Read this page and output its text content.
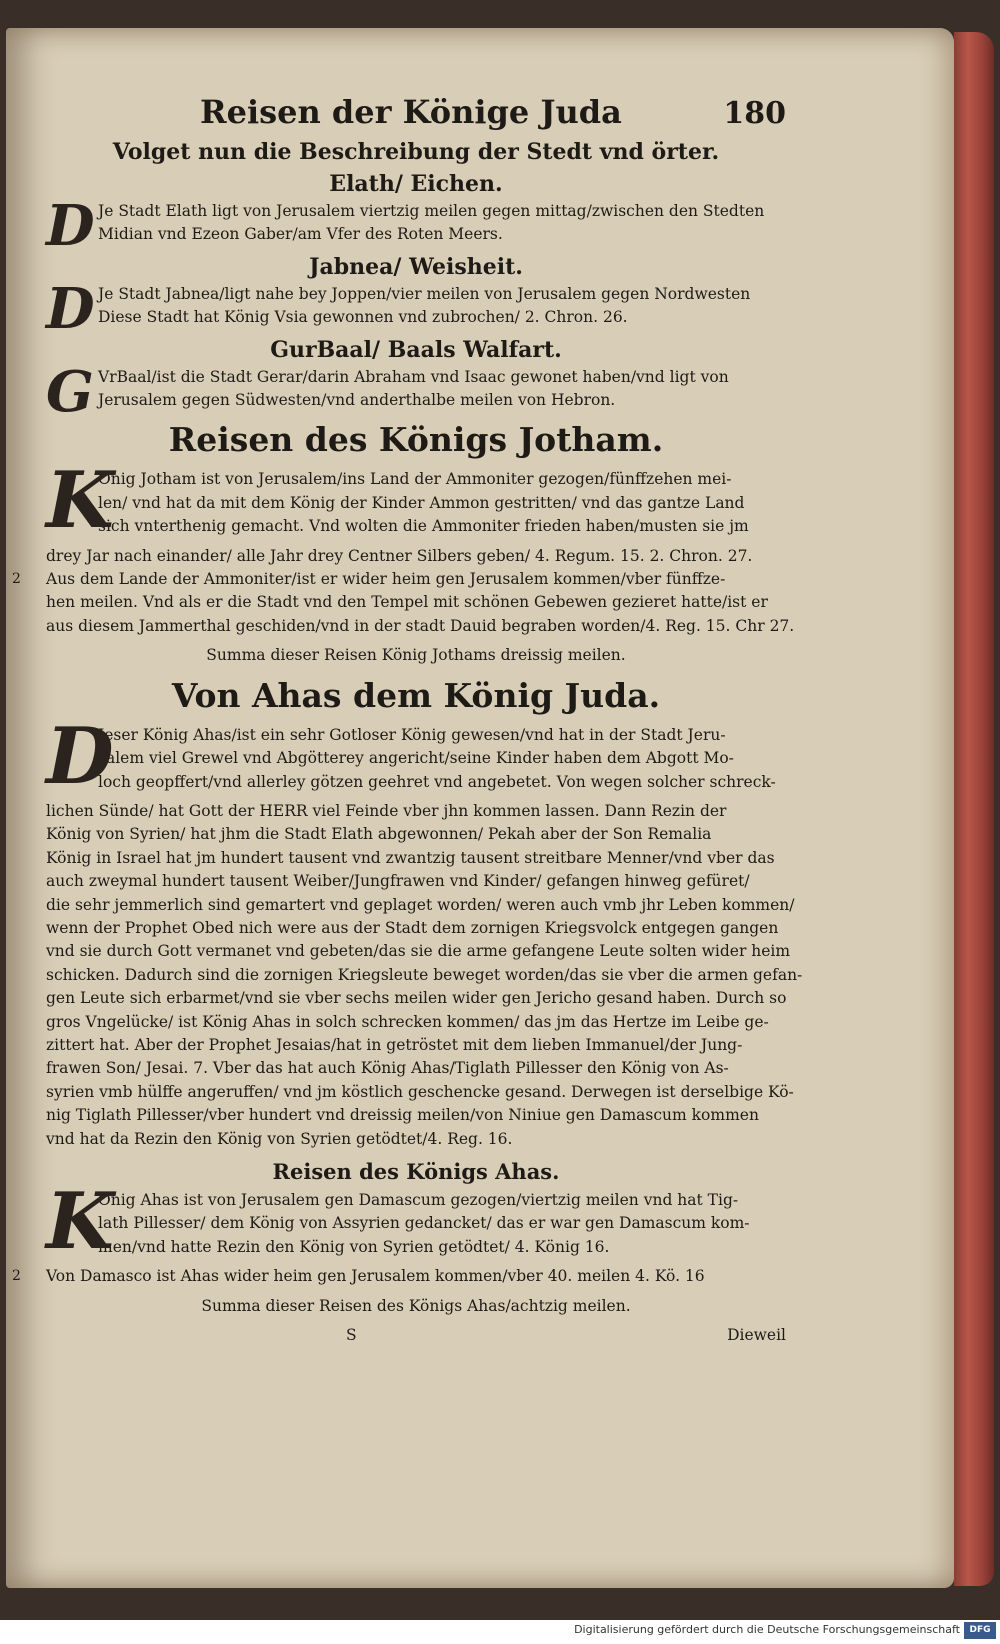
Reisen der Könige Juda	180
Volget nun die Beschreibung der Stedt vnd örter.
Elath/ Eichen.
D Je Stadt Elath ligt von Jerusalem viertzig meilen gegen mittag/zwischen den Stedten

Midian vnd Ezeon Gaber/am Vfer des Roten Meers.

Jabnea/ Weisheit.
D Je Stadt Jabnea/ligt nahe bey Joppen/vier meilen von Jerusalem gegen Nordwesten

Diese Stadt hat König Vsia gewonnen vnd zubrochen/ 2. Chron. 26.

GurBaal/ Baals Walfart.
G VrBaal/ist die Stadt Gerar/darin Abraham vnd Isaac gewonet haben/vnd ligt von

Jerusalem gegen Südwesten/vnd anderthalbe meilen von Hebron.

Reisen des Königs Jotham.
K

Onig Jotham ist von Jerusalem/ins Land der Ammoniter gezogen/fünffzehen mei-

len/ vnd hat da mit dem König der Kinder Ammon gestritten/ vnd das gantze Land

sich vnterthenig gemacht. Vnd wolten die Ammoniter frieden haben/musten sie jm

drey Jar nach einander/ alle Jahr drey Centner Silbers geben/ 4. Regum. 15. 2. Chron. 27.

2 Aus dem Lande der Ammoniter/ist er wider heim gen Jerusalem kommen/vber fünffze-

hen meilen. Vnd als er die Stadt vnd den Tempel mit schönen Gebewen gezieret hatte/ist er

aus diesem Jammerthal geschiden/vnd in der stadt Dauid begraben worden/4. Reg. 15. Chr 27.

Summa dieser Reisen König Jothams dreissig meilen.
Von Ahas dem König Juda.
D

Jeser König Ahas/ist ein sehr Gotloser König gewesen/vnd hat in der Stadt Jeru-

salem viel Grewel vnd Abgötterey angericht/seine Kinder haben dem Abgott Mo-

loch geopffert/vnd allerley götzen geehret vnd angebetet. Von wegen solcher schreck-

lichen Sünde/ hat Gott der HERR viel Feinde vber jhn kommen lassen. Dann Rezin der

König von Syrien/ hat jhm die Stadt Elath abgewonnen/ Pekah aber der Son Remalia

König in Israel hat jm hundert tausent vnd zwantzig tausent streitbare Menner/vnd vber das

auch zweymal hundert tausent Weiber/Jungfrawen vnd Kinder/ gefangen hinweg gefüret/

die sehr jemmerlich sind gemartert vnd geplaget worden/ weren auch vmb jhr Leben kommen/

wenn der Prophet Obed nich were aus der Stadt dem zornigen Kriegsvolck entgegen gangen

vnd sie durch Gott vermanet vnd gebeten/das sie die arme gefangene Leute solten wider heim

schicken. Dadurch sind die zornigen Kriegsleute beweget worden/das sie vber die armen gefan-

gen Leute sich erbarmet/vnd sie vber sechs meilen wider gen Jericho gesand haben. Durch so

gros Vngelücke/ ist König Ahas in solch schrecken kommen/ das jm das Hertze im Leibe ge-

zittert hat. Aber der Prophet Jesaias/hat in getröstet mit dem lieben Immanuel/der Jung-

frawen Son/ Jesai. 7. Vber das hat auch König Ahas/Tiglath Pillesser den König von As-

syrien vmb hülffe angeruffen/ vnd jm köstlich geschencke gesand. Derwegen ist derselbige Kö-

nig Tiglath Pillesser/vber hundert vnd dreissig meilen/von Niniue gen Damascum kommen

vnd hat da Rezin den König von Syrien getödtet/4. Reg. 16.

Reisen des Königs Ahas.
K

Onig Ahas ist von Jerusalem gen Damascum gezogen/viertzig meilen vnd hat Tig-

lath Pillesser/ dem König von Assyrien gedancket/ das er war gen Damascum kom-

men/vnd hatte Rezin den König von Syrien getödtet/ 4. König 16.

2 Von Damasco ist Ahas wider heim gen Jerusalem kommen/vber 40. meilen 4. Kö. 16

Summa dieser Reisen des Königs Ahas/achtzig meilen.
S	Dieweil
Digitalisierung gefördert durch die Deutsche Forschungsgemeinschaft	DFG
